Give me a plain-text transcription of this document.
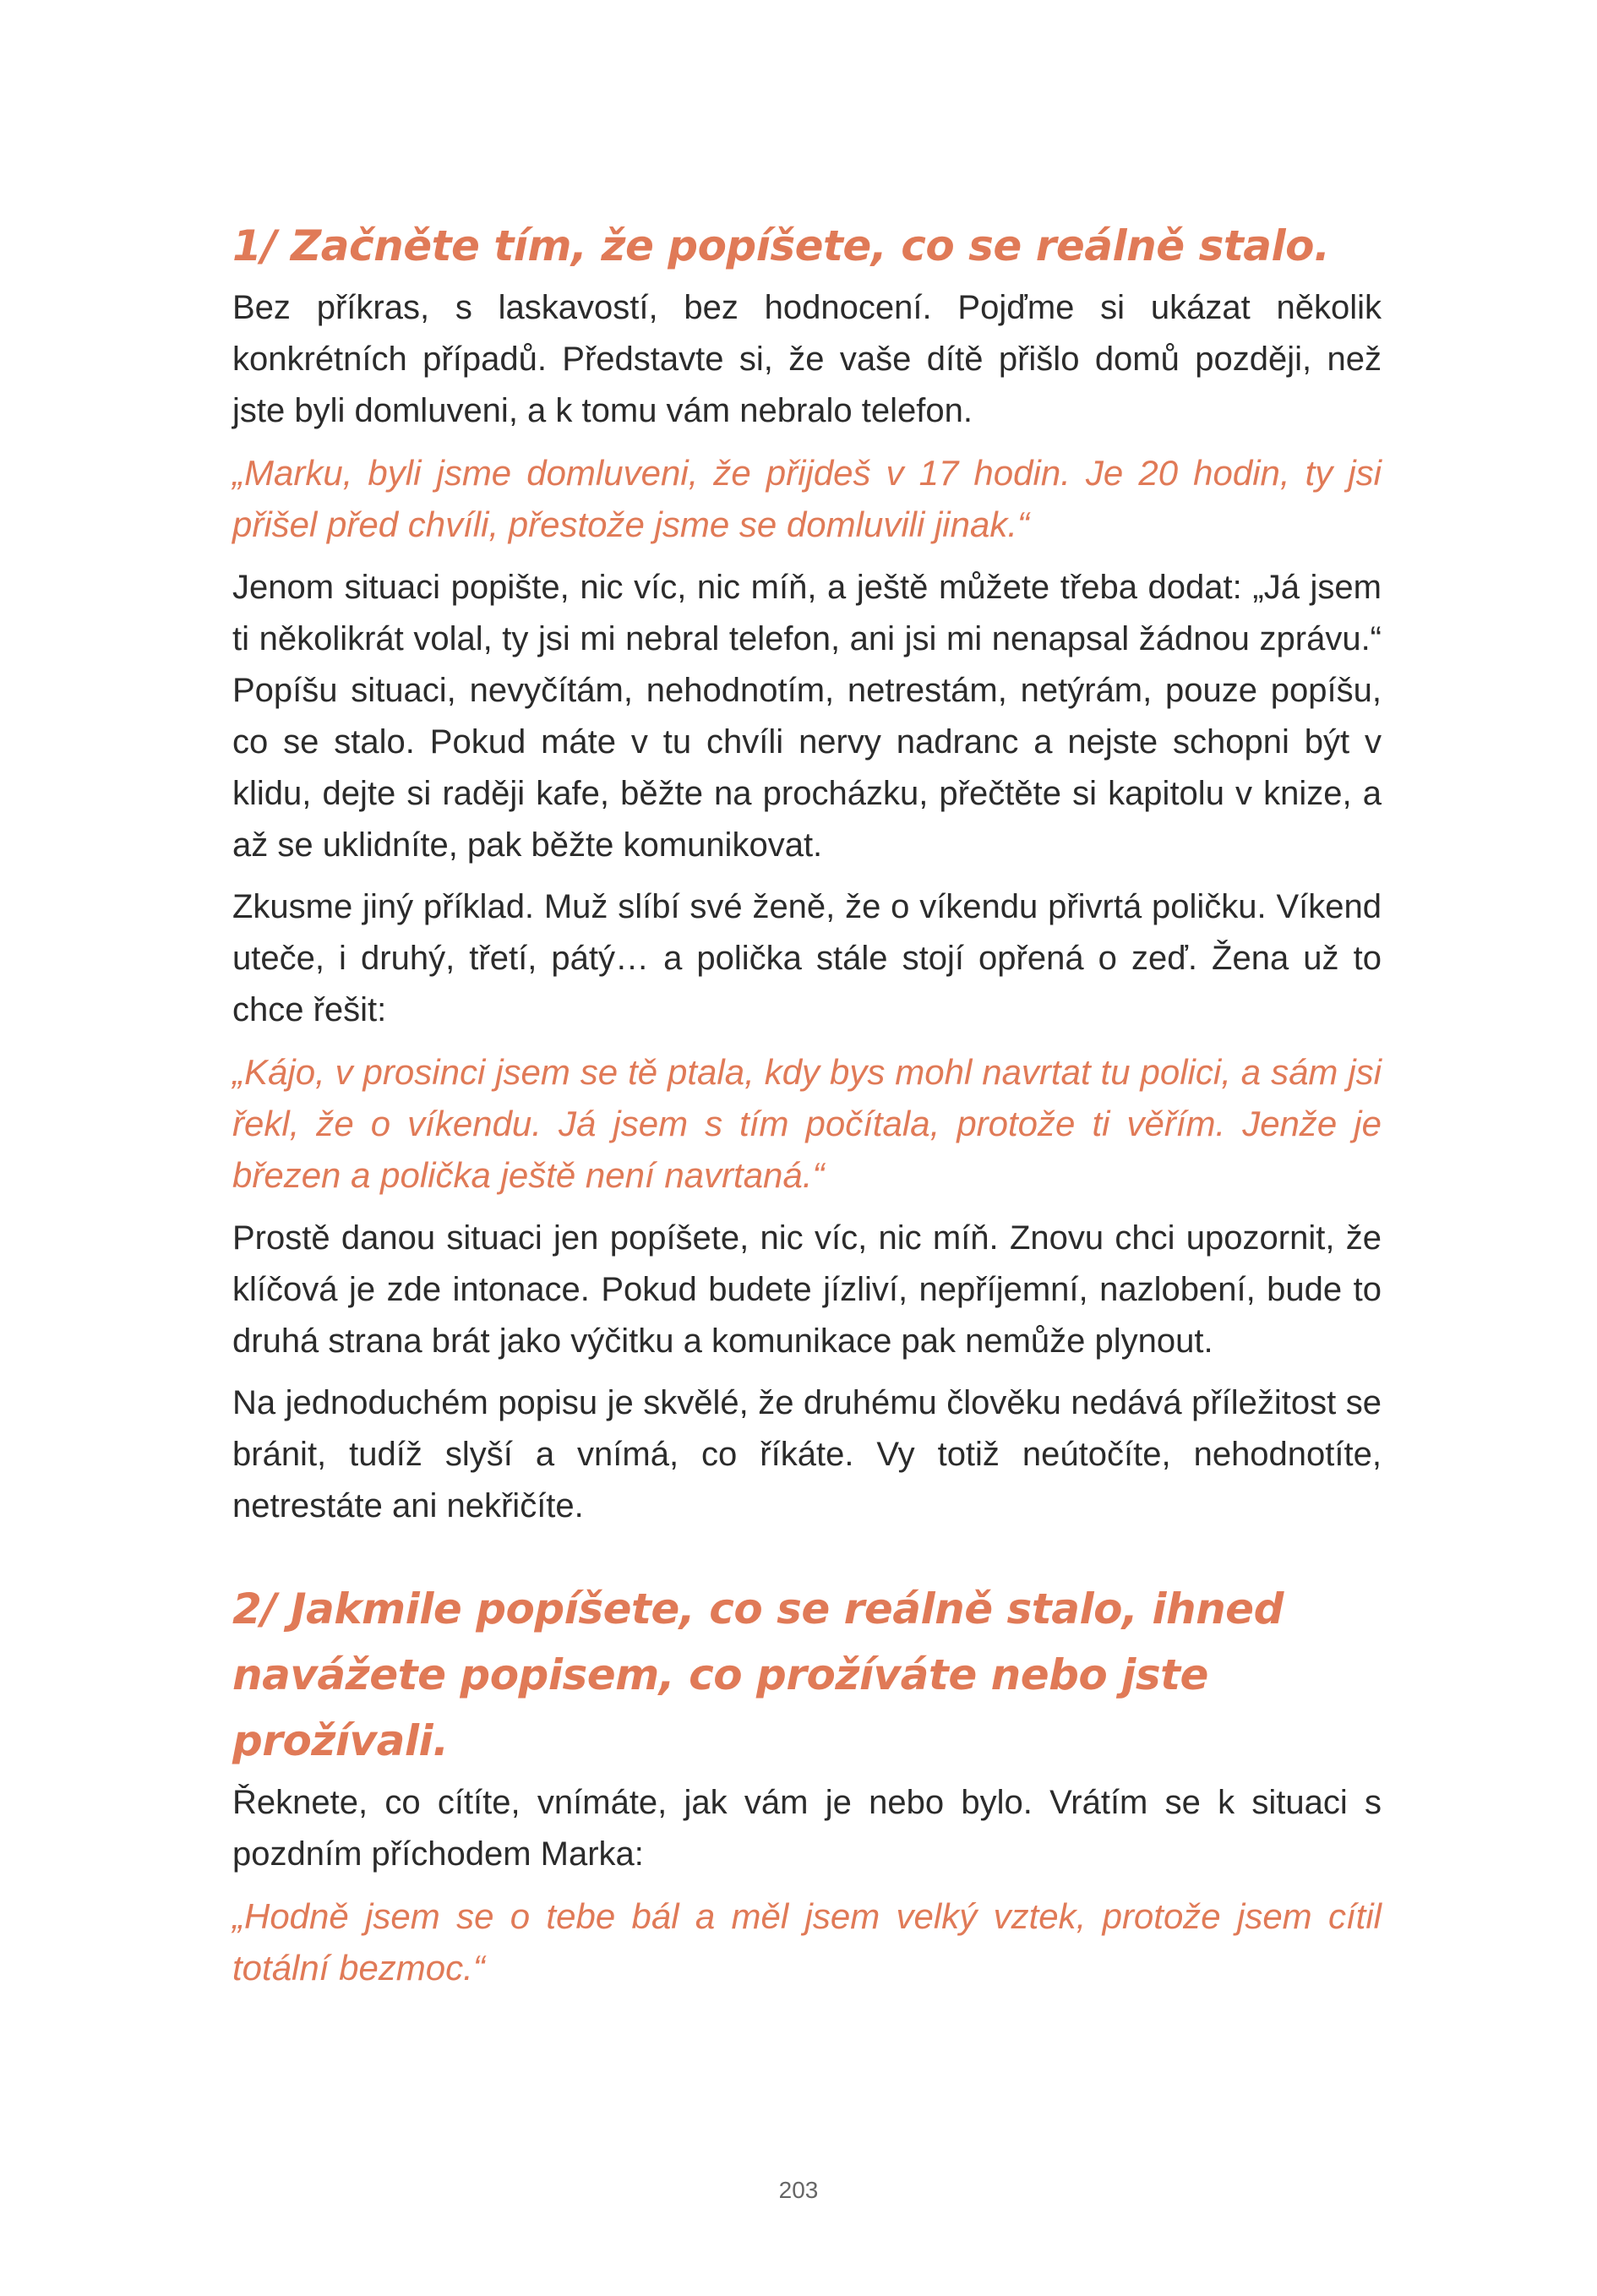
1/ Začněte tím, že popíšete, co se reálně stalo.

Bez příkras, s laskavostí, bez hodnocení. Pojďme si ukázat několik konkrétních případů. Představte si, že vaše dítě přišlo domů později, než jste byli domluveni, a k tomu vám nebralo telefon.

„Marku, byli jsme domluveni, že přijdeš v 17 hodin. Je 20 hodin, ty jsi přišel před chvíli, přestože jsme se domluvili jinak.“

Jenom situaci popište, nic víc, nic míň, a ještě můžete třeba dodat: „Já jsem ti několikrát volal, ty jsi mi nebral telefon, ani jsi mi nenapsal žádnou zprávu.“ Popíšu situaci, nevyčítám, nehodnotím, netrestám, netýrám, pouze popíšu, co se stalo. Pokud máte v tu chvíli nervy nadranc a nejste schopni být v klidu, dejte si raději kafe, běžte na procházku, přečtěte si kapitolu v knize, a až se uklidníte, pak běžte komunikovat.

Zkusme jiný příklad. Muž slíbí své ženě, že o víkendu přivrtá poličku. Víkend uteče, i druhý, třetí, pátý… a polička stále stojí opřená o zeď. Žena už to chce řešit:

„Kájo, v prosinci jsem se tě ptala, kdy bys mohl navrtat tu polici, a sám jsi řekl, že o víkendu. Já jsem s tím počítala, protože ti věřím. Jenže je březen a polička ještě není navrtaná.“

Prostě danou situaci jen popíšete, nic víc, nic míň. Znovu chci upozornit, že klíčová je zde intonace. Pokud budete jízliví, nepříjemní, nazlobení, bude to druhá strana brát jako výčitku a komunikace pak nemůže plynout.

Na jednoduchém popisu je skvělé, že druhému člověku nedává příležitost se bránit, tudíž slyší a vnímá, co říkáte. Vy totiž neútočíte, nehodnotíte, netrestáte ani nekřičíte.

2/ Jakmile popíšete, co se reálně stalo, ihned navážete popisem, co prožíváte nebo jste prožívali.

Řeknete, co cítíte, vnímáte, jak vám je nebo bylo. Vrátím se k situaci s pozdním příchodem Marka:

„Hodně jsem se o tebe bál a měl jsem velký vztek, protože jsem cítil totální bezmoc.“

203
